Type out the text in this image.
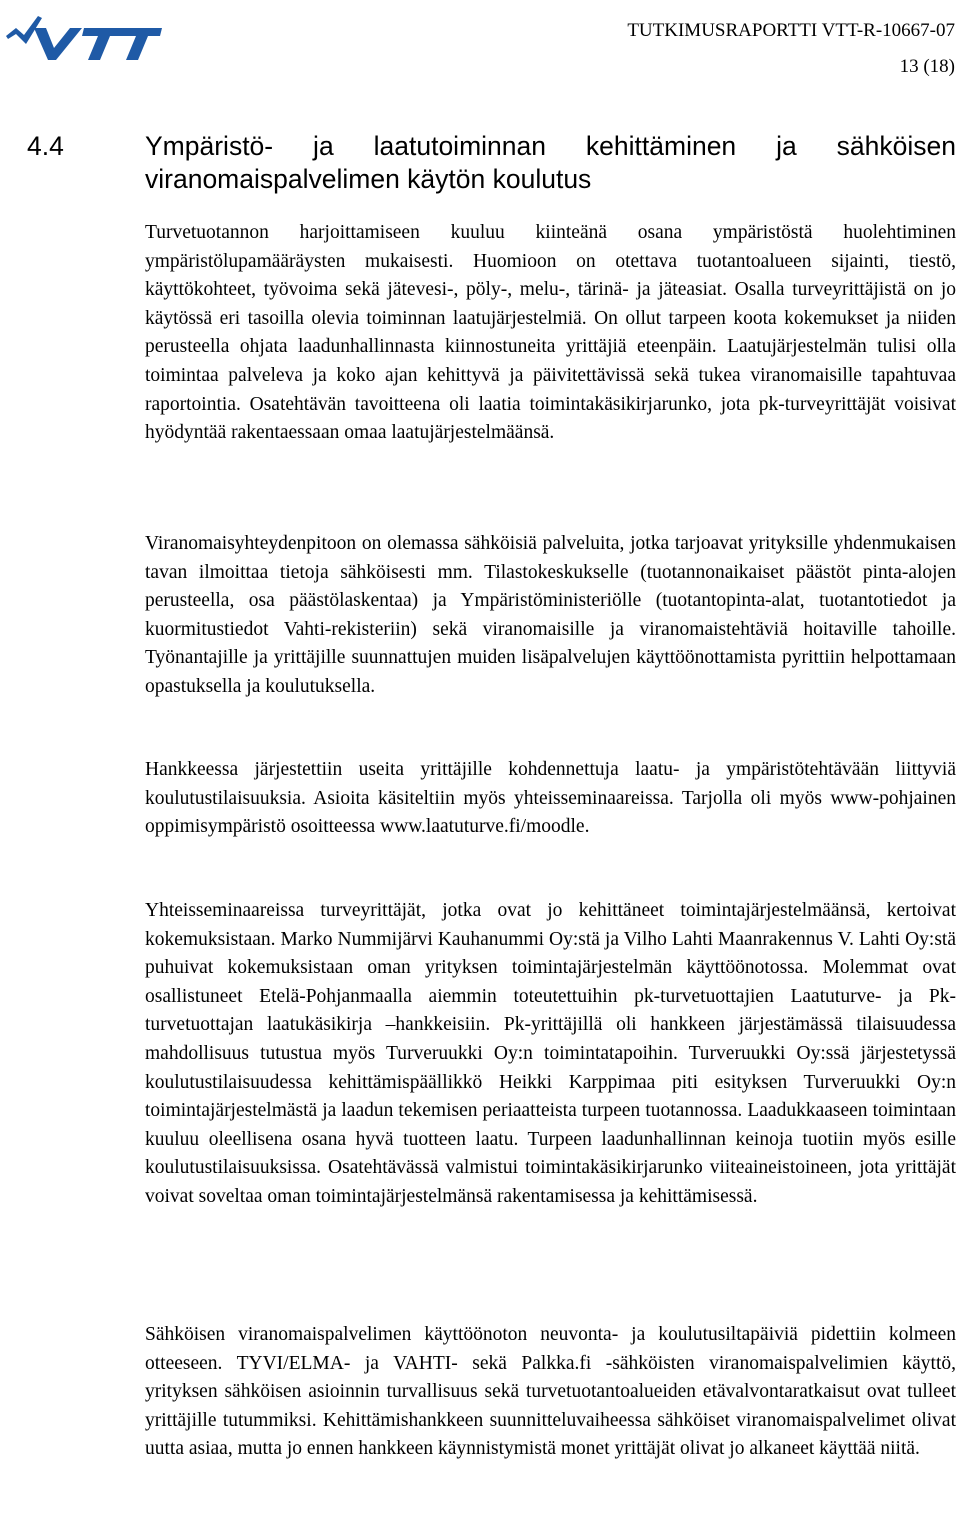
TUTKIMUSRAPORTTI VTT-R-10667-07
13 (18)
4.4	Ympäristö- ja laatutoiminnan kehittäminen ja sähköisen viranomaispalvelimen käytön koulutus

Turvetuotannon harjoittamiseen kuuluu kiinteänä osana ympäristöstä huolehtiminen ympäristölupamääräysten mukaisesti. Huomioon on otettava tuotantoalueen sijainti, tiestö, käyttökohteet, työvoima sekä jätevesi-, pöly-, melu-, tärinä- ja jäteasiat. Osalla turveyrittäjistä on jo käytössä eri tasoilla olevia toiminnan laatujärjestelmiä. On ollut tarpeen koota kokemukset ja niiden perusteella ohjata laadunhallinnasta kiinnostuneita yrittäjiä eteenpäin. Laatujärjestelmän tulisi olla toimintaa palveleva ja koko ajan kehittyvä ja päivitettävissä sekä tukea viranomaisille tapahtuvaa raportointia. Osatehtävän tavoitteena oli laatia toimintakäsikirjarunko, jota pk-turveyrittäjät voisivat hyödyntää rakentaessaan omaa laatujärjestelmäänsä.

Viranomaisyhteydenpitoon on olemassa sähköisiä palveluita, jotka tarjoavat yrityksille yhdenmukaisen tavan ilmoittaa tietoja sähköisesti mm. Tilastokeskukselle (tuotannonaikaiset päästöt pinta-alojen perusteella, osa päästölaskentaa) ja Ympäristöministeriölle (tuotantopinta-alat, tuotantotiedot ja kuormitustiedot Vahti-rekisteriin) sekä viranomaisille ja viranomaistehtäviä hoitaville tahoille. Työnantajille ja yrittäjille suunnattujen muiden lisäpalvelujen käyttöönottamista pyrittiin helpottamaan opastuksella ja koulutuksella.

Hankkeessa järjestettiin useita yrittäjille kohdennettuja laatu- ja ympäristötehtävään liittyviä koulutustilaisuuksia. Asioita käsiteltiin myös yhteisseminaareissa. Tarjolla oli myös www-pohjainen oppimisympäristö osoitteessa www.laatuturve.fi/moodle.

Yhteisseminaareissa turveyrittäjät, jotka ovat jo kehittäneet toimintajärjestelmäänsä, kertoivat kokemuksistaan. Marko Nummijärvi Kauhanummi Oy:stä ja Vilho Lahti Maanrakennus V. Lahti Oy:stä puhuivat kokemuksistaan oman yrityksen toimintajärjestelmän käyttöönotossa. Molemmat ovat osallistuneet Etelä-Pohjanmaalla aiemmin toteutettuihin pk-turvetuottajien Laatuturve- ja Pk-turvetuottajan laatukäsikirja –hankkeisiin. Pk-yrittäjillä oli hankkeen järjestämässä tilaisuudessa mahdollisuus tutustua myös Turveruukki Oy:n toimintatapoihin. Turveruukki Oy:ssä järjestetyssä koulutustilaisuudessa kehittämispäällikkö Heikki Karppimaa piti esityksen Turveruukki Oy:n toimintajärjestelmästä ja laadun tekemisen periaatteista turpeen tuotannossa. Laadukkaaseen toimintaan kuuluu oleellisena osana hyvä tuotteen laatu. Turpeen laadunhallinnan keinoja tuotiin myös esille koulutustilaisuuksissa. Osatehtävässä valmistui toimintakäsikirjarunko viiteaineistoineen, jota yrittäjät voivat soveltaa oman toimintajärjestelmänsä rakentamisessa ja kehittämisessä.

Sähköisen viranomaispalvelimen käyttöönoton neuvonta- ja koulutusiltapäiviä pidettiin kolmeen otteeseen. TYVI/ELMA- ja VAHTI- sekä Palkka.fi -sähköisten viranomaispalvelimien käyttö, yrityksen sähköisen asioinnin turvallisuus sekä turvetuotantoalueiden etävalvontaratkaisut ovat tulleet yrittäjille tutummiksi. Kehittämishankkeen suunnitteluvaiheessa sähköiset viranomaispalvelimet olivat uutta asiaa, mutta jo ennen hankkeen käynnistymistä monet yrittäjät olivat jo alkaneet käyttää niitä.
